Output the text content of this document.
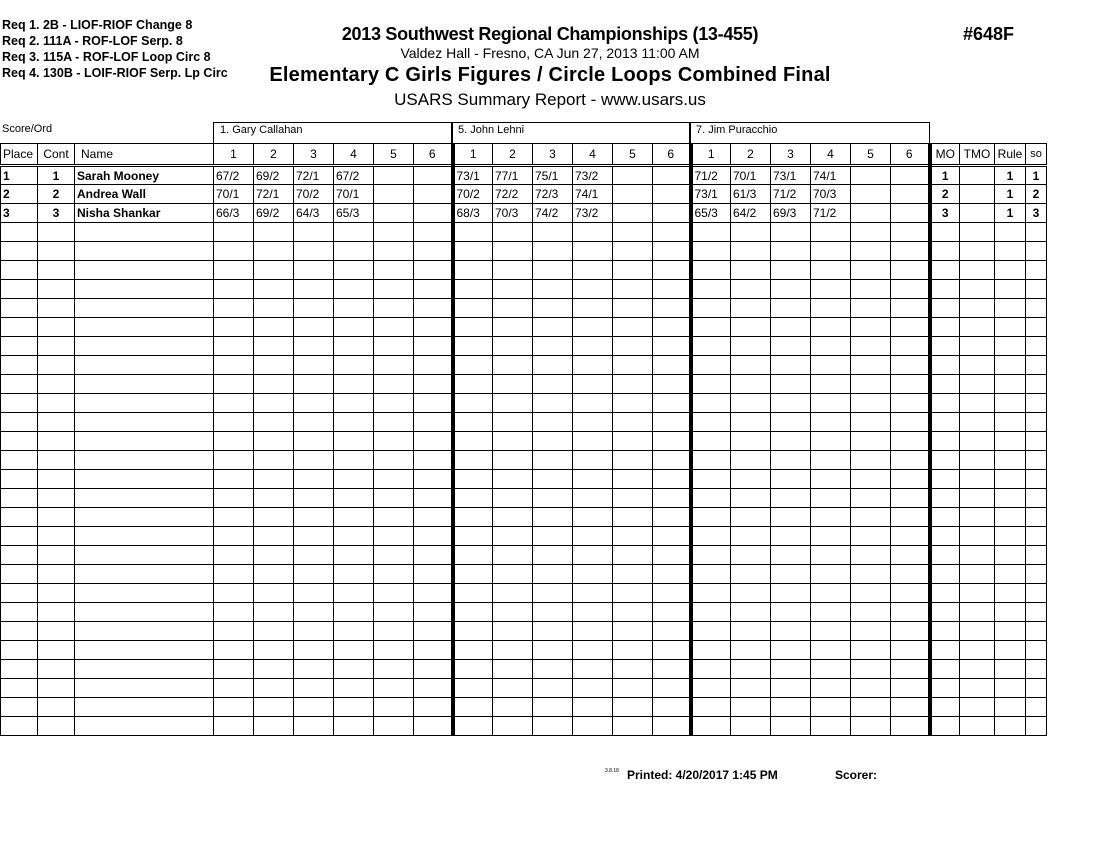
Req 1. 2B - LIOF-RIOF Change 8
Req 2. 111A - ROF-LOF Serp. 8
Req 3. 115A - ROF-LOF Loop Circ 8
Req 4. 130B - LOIF-RIOF Serp. Lp Circ
2013 Southwest Regional Championships (13-455)
Valdez Hall - Fresno, CA Jun 27, 2013 11:00 AM
Elementary C Girls Figures / Circle Loops Combined Final
USARS Summary Report - www.usars.us
#648F
Score/Ord	1. Gary Callahan	5. John Lehni	7. Jim Puracchio
Place	Cont	Name	1	2	3	4	5	6	1	2	3	4	5	6	1	2	3	4	5	6	MO	TMO	Rule	so
1	1	Sarah Mooney	67/2	69/2	72/1	67/2			73/1	77/1	75/1	73/2			71/2	70/1	73/1	74/1			1		1	1
2	2	Andrea Wall	70/1	72/1	70/2	70/1			70/2	72/2	72/3	74/1			73/1	61/3	71/2	70/3			2		1	2
3	3	Nisha Shankar	66/3	69/2	64/3	65/3			68/3	70/3	74/2	73/2			65/3	64/2	69/3	71/2			3		1	3

3.8.18 Printed: 4/20/2017 1:45 PM	Scorer:
